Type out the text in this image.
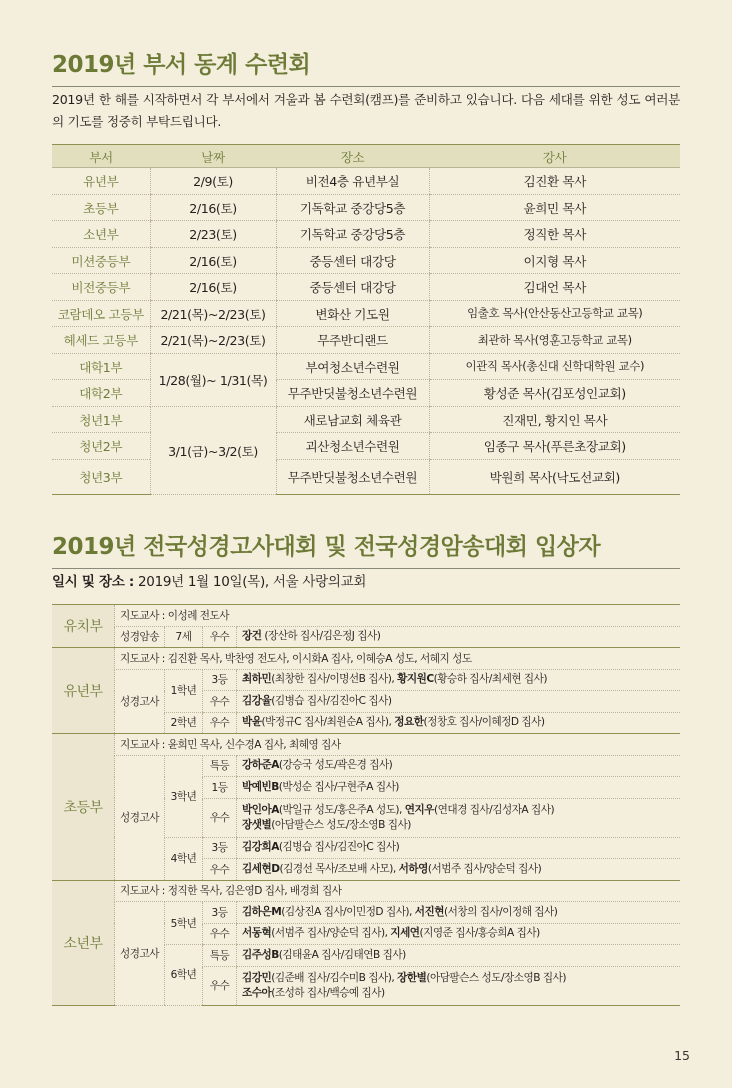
2019년 부서 동계 수련회
2019년 한 해를 시작하면서 각 부서에서 겨울과 봄 수련회(캠프)를 준비하고 있습니다. 다음 세대를 위한 성도 여러분의 기도를 정중히 부탁드립니다.
부서	날짜	장소	강사
유년부	2/9(토)	비전4층 유년부실	김진환 목사
초등부	2/16(토)	기독학교 중강당5층	윤희민 목사
소년부	2/23(토)	기독학교 중강당5층	정직한 목사
미션중등부	2/16(토)	중등센터 대강당	이지형 목사
비전중등부	2/16(토)	중등센터 대강당	김대언 목사
코람데오 고등부	2/21(목)~2/23(토)	변화산 기도원	임출호 목사(안산동산고등학교 교목)
헤세드 고등부	2/21(목)~2/23(토)	무주반디랜드	최관하 목사(영훈고등학교 교목)
대학1부	1/28(월)~ 1/31(목)	부여청소년수련원	이관직 목사(총신대 신학대학원 교수)
대학2부		무주반딧불청소년수련원	황성준 목사(김포성인교회)
청년1부	3/1(금)~3/2(토)	새로남교회 체육관	진재민, 황지인 목사
청년2부		괴산청소년수련원	임종구 목사(푸른초장교회)
청년3부		무주반딧불청소년수련원	박원희 목사(낙도선교회)
2019년 전국성경고사대회 및 전국성경암송대회 입상자
일시 및 장소 : 2019년 1월 10일(목), 서울 사랑의교회
유치부	지도교사 : 이성례 전도사			
	성경암송	7세	우수	장건 (장산하 집사/김은정J 집사)
유년부	지도교사 : 김진환 목사, 박찬영 전도사, 이시화A 집사, 이혜승A 성도, 서혜지 성도			
	성경고사	1학년	3등	최하민(최창한 집사/이명선B 집사), 황지원C(황승하 집사/최세현 집사)
			우수	김강율(김병습 집사/김진아C 집사)
		2학년	우수	박윤(박정규C 집사/최원순A 집사), 정요한(정창호 집사/이혜정D 집사)
초등부	지도교사 : 윤희민 목사, 신수경A 집사, 최혜영 집사			
	성경고사	3학년	특등	강하준A(강승국 성도/곽은경 집사)
			1등	박예빈B(박성순 집사/구현주A 집사)
			우수	박인아A(박일규 성도/홍은주A 성도), 연지우(연대경 집사/김성자A 집사)
장샛별(아담팔슨스 성도/장소영B 집사)
		4학년	3등	김강희A(김병습 집사/김진아C 집사)
			우수	김세현D(김경선 목사/조보배 사모), 서하영(서범주 집사/양순덕 집사)
소년부	지도교사 : 정직한 목사, 김은영D 집사, 배경희 집사			
	성경고사	5학년	3등	김하은M(김상진A 집사/이민정D 집사), 서진현(서창의 집사/이정해 집사)
			우수	서동혁(서범주 집사/양순덕 집사), 지세연(지영준 집사/홍승희A 집사)
		6학년	특등	김주성B(김태윤A 집사/김태연B 집사)
			우수	김강민(김준배 집사/김수미B 집사), 장한별(아담팔슨스 성도/장소영B 집사)
조수아(조성하 집사/백승예 집사)
15
